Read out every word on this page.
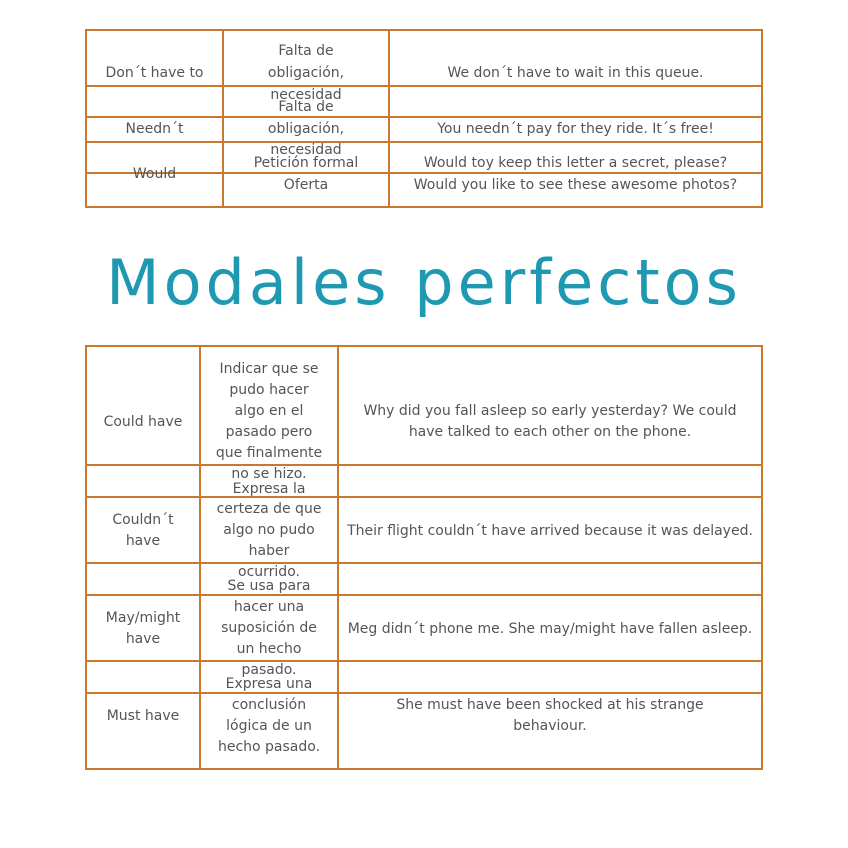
Don´t have to
Falta de
obligación,
necesidad
We don´t have to wait in this queue.
Needn´t
Falta de
obligación,
necesidad
You needn´t pay for they ride. It´s free!
Would
Petición formal	Would toy keep this letter a secret, please?
Oferta	Would you like to see these awesome photos?
Modales perfectos
Could have
Indicar que se
pudo hacer
algo en el
pasado pero
que finalmente
no se hizo.
Why did you fall asleep so early yesterday? We could have talked to each other on the phone.
Couldn´t have
Expresa la
certeza de que
algo no pudo
haber
ocurrido.
Their flight couldn´t have arrived because it was delayed.
May/might have
Se usa para
hacer una
suposición de
un hecho
pasado.
Meg didn´t phone me. She may/might have fallen asleep.
Must have
Expresa una
conclusión
lógica de un
hecho pasado.
She must have been shocked at his strange behaviour.
